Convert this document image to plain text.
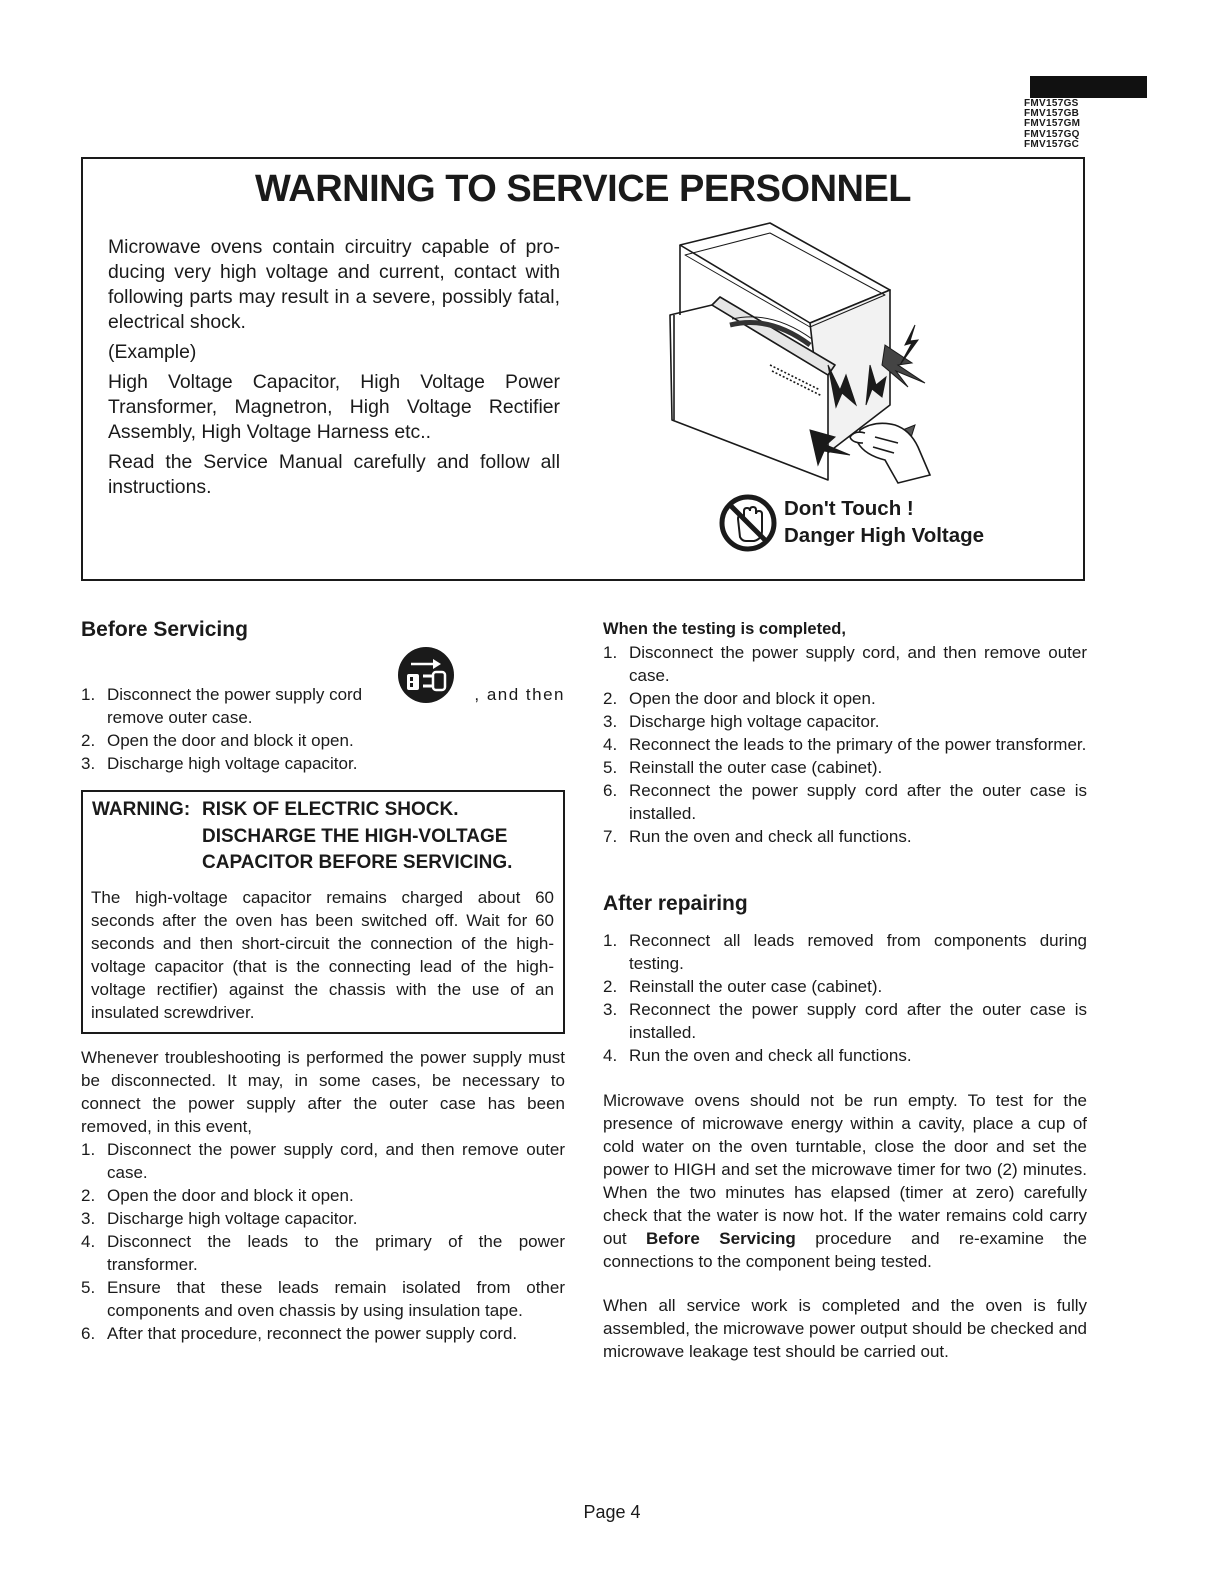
FMV157GS
FMV157GB
FMV157GM
FMV157GQ
FMV157GC
WARNING TO SERVICE PERSONNEL

Microwave ovens contain circuitry capable of pro-ducing very high voltage and current, contact with following parts may result in a severe, possibly fatal, electrical shock.

(Example)

High Voltage Capacitor, High Voltage Power Transformer, Magnetron, High Voltage Rectifier Assembly, High Voltage Harness etc..

Read the Service Manual carefully and follow all instructions.

Don't Touch !
Danger High Voltage
Before Servicing
1. Disconnect the power supply cord	, and then
remove outer case.
2. Open the door and block it open.
3. Discharge high voltage capacitor.
WARNING: RISK OF ELECTRIC SHOCK.
DISCHARGE THE HIGH-VOLTAGE CAPACITOR BEFORE SERVICING.
The high-voltage capacitor remains charged about 60 seconds after the oven has been switched off. Wait for 60 seconds and then short-circuit the connection of the high-voltage capacitor (that is the connecting lead of the high-voltage rectifier) against the chassis with the use of an insulated screwdriver.
Whenever troubleshooting is performed the power supply must be disconnected. It may, in some cases, be necessary to connect the power supply after the outer case has been removed, in this event,
1. Disconnect the power supply cord, and then remove outer case.
2. Open the door and block it open.
3. Discharge high voltage capacitor.
4. Disconnect the leads to the primary of the power transformer.
5. Ensure that these leads remain isolated from other components and oven chassis by using insulation tape.
6. After that procedure, reconnect the power supply cord.
When the testing is completed,
1. Disconnect the power supply cord, and then remove outer case.
2. Open the door and block it open.
3. Discharge high voltage capacitor.
4. Reconnect the leads to the primary of the power transformer.
5. Reinstall the outer case (cabinet).
6. Reconnect the power supply cord after the outer case is installed.
7. Run the oven and check all functions.
After repairing
1. Reconnect all leads removed from components during testing.
2. Reinstall the outer case (cabinet).
3. Reconnect the power supply cord after the outer case is installed.
4. Run the oven and check all functions.
Microwave ovens should not be run empty. To test for the presence of microwave energy within a cavity, place a cup of cold water on the oven turntable, close the door and set the power to HIGH and set the microwave timer for two (2) minutes. When the two minutes has elapsed (timer at zero) carefully check that the water is now hot. If the water remains cold carry out Before Servicing procedure and re-examine the connections to the component being tested.
When all service work is completed and the oven is fully assembled, the microwave power output should be checked and microwave leakage test should be carried out.
Page 4
